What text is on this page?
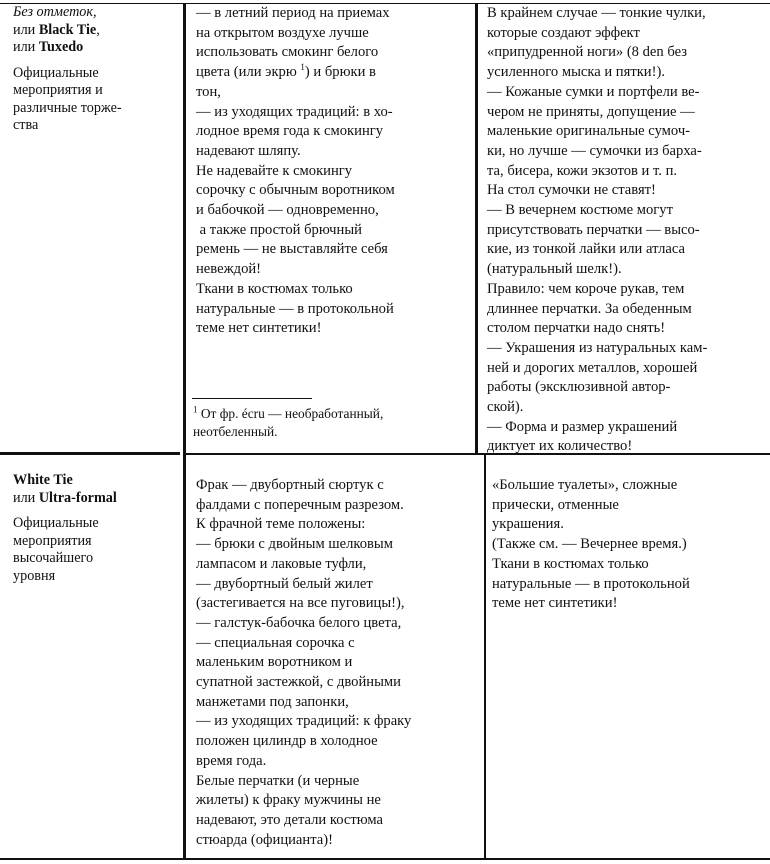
Без отметок,

или Black Tie,

или Tuxedo

Официальные

мероприятия и

различные торже-

ства

— в летний период на приемах

на открытом воздухе лучше

использовать смокинг белого

цвета (или экрю $^1$) и брюки в

тон,

— из уходящих традиций: в хо-

лодное время года к смокингу

надевают шляпу.

Не надевайте к смокингу

сорочку с обычным воротником

и бабочкой — одновременно,

а также простой брючный

ремень — не выставляйте себя

невеждой!

Ткани в костюмах только

натуральные — в протокольной

теме нет синтетики!

$^1$ От фр. écru — необработанный,

неотбеленный.

В крайнем случае — тонкие чулки,

которые создают эффект

«припудренной ноги» (8 den без

усиленного мыска и пятки!).

— Кожаные сумки и портфели ве-

чером не приняты, допущение —

маленькие оригинальные сумоч-

ки, но лучше — сумочки из барха-

та, бисера, кожи экзотов и т. п.

На стол сумочки не ставят!

— В вечернем костюме могут

присутствовать перчатки — высо-

кие, из тонкой лайки или атласа

(натуральный шелк!).

Правило: чем короче рукав, тем

длиннее перчатки. За обеденным

столом перчатки надо снять!

— Украшения из натуральных кам-

ней и дорогих металлов, хорошей

работы (эксклюзивной автор-

ской).

— Форма и размер украшений

диктует их количество!

White Tie

или Ultra-formal

Официальные

мероприятия

высочайшего

уровня

Фрак — двубортный сюртук с

фалдами с поперечным разрезом.

К фрачной теме положены:

— брюки с двойным шелковым

лампасом и лаковые туфли,

— двубортный белый жилет

(застегивается на все пуговицы!),

— галстук-бабочка белого цвета,

— специальная сорочка с

маленьким воротником и

супатной застежкой, с двойными

манжетами под запонки,

— из уходящих традиций: к фраку

положен цилиндр в холодное

время года.

Белые перчатки (и черные

жилеты) к фраку мужчины не

надевают, это детали костюма

стюарда (официанта)!

«Большие туалеты», сложные

прически, отменные

украшения.

(Также см. — Вечернее время.)

Ткани в костюмах только

натуральные — в протокольной

теме нет синтетики!
